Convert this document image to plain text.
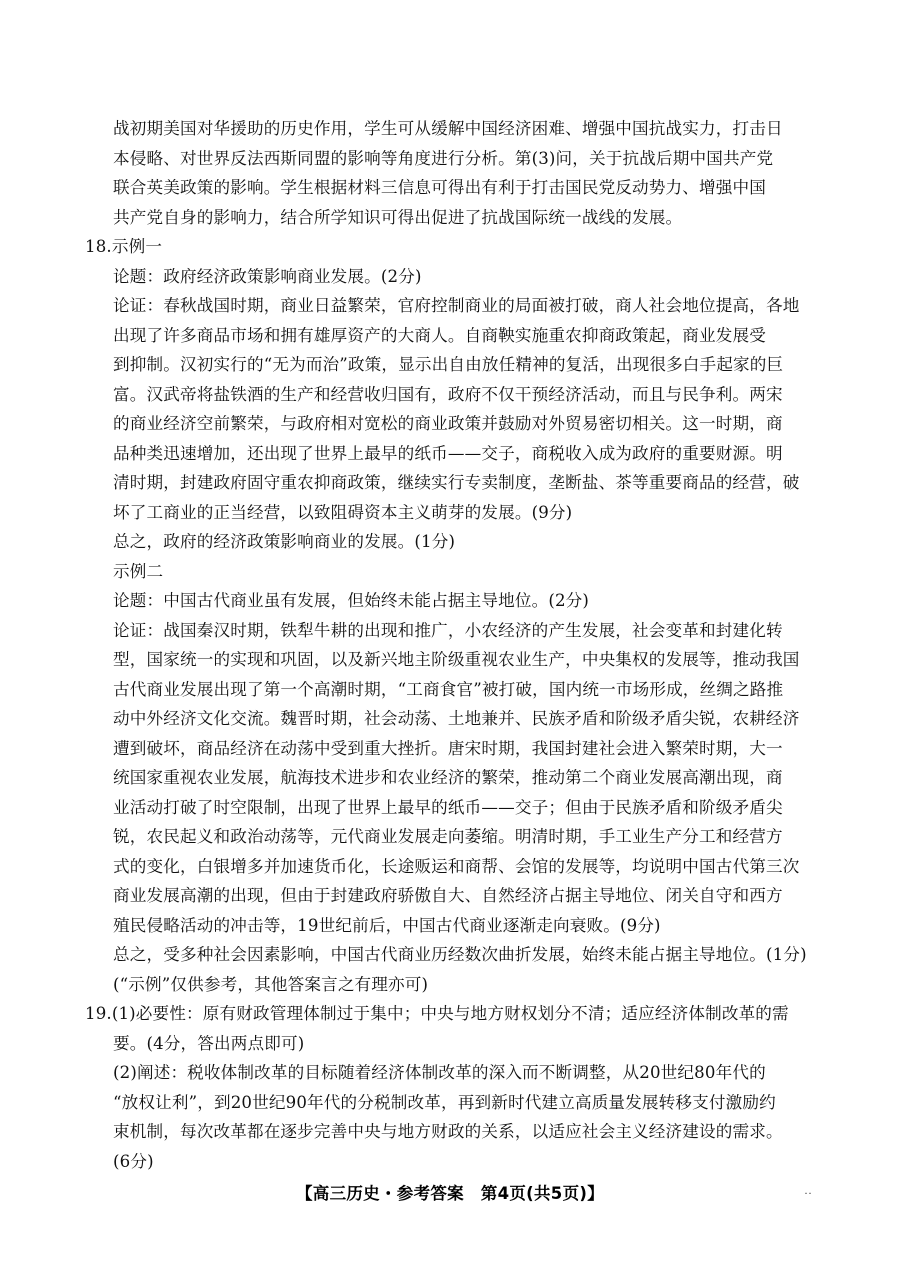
战初期美国对华援助的历史作用，学生可从缓解中国经济困难、增强中国抗战实力，打击日
本侵略、对世界反法西斯同盟的影响等角度进行分析。第(3)问，关于抗战后期中国共产党
联合英美政策的影响。学生根据材料三信息可得出有利于打击国民党反动势力、增强中国
共产党自身的影响力，结合所学知识可得出促进了抗战国际统一战线的发展。
18.示例一
论题：政府经济政策影响商业发展。(2分)
论证：春秋战国时期，商业日益繁荣，官府控制商业的局面被打破，商人社会地位提高，各地
出现了许多商品市场和拥有雄厚资产的大商人。自商鞅实施重农抑商政策起，商业发展受
到抑制。汉初实行的“无为而治”政策，显示出自由放任精神的复活，出现很多白手起家的巨
富。汉武帝将盐铁酒的生产和经营收归国有，政府不仅干预经济活动，而且与民争利。两宋
的商业经济空前繁荣，与政府相对宽松的商业政策并鼓励对外贸易密切相关。这一时期，商
品种类迅速增加，还出现了世界上最早的纸币——交子，商税收入成为政府的重要财源。明
清时期，封建政府固守重农抑商政策，继续实行专卖制度，垄断盐、茶等重要商品的经营，破
坏了工商业的正当经营，以致阻碍资本主义萌芽的发展。(9分)
总之，政府的经济政策影响商业的发展。(1分)
示例二
论题：中国古代商业虽有发展，但始终未能占据主导地位。(2分)
论证：战国秦汉时期，铁犁牛耕的出现和推广，小农经济的产生发展，社会变革和封建化转
型，国家统一的实现和巩固，以及新兴地主阶级重视农业生产，中央集权的发展等，推动我国
古代商业发展出现了第一个高潮时期，“工商食官”被打破，国内统一市场形成，丝绸之路推
动中外经济文化交流。魏晋时期，社会动荡、土地兼并、民族矛盾和阶级矛盾尖锐，农耕经济
遭到破坏，商品经济在动荡中受到重大挫折。唐宋时期，我国封建社会进入繁荣时期，大一
统国家重视农业发展，航海技术进步和农业经济的繁荣，推动第二个商业发展高潮出现，商
业活动打破了时空限制，出现了世界上最早的纸币——交子；但由于民族矛盾和阶级矛盾尖
锐，农民起义和政治动荡等，元代商业发展走向萎缩。明清时期，手工业生产分工和经营方
式的变化，白银增多并加速货币化，长途贩运和商帮、会馆的发展等，均说明中国古代第三次
商业发展高潮的出现，但由于封建政府骄傲自大、自然经济占据主导地位、闭关自守和西方
殖民侵略活动的冲击等，19世纪前后，中国古代商业逐渐走向衰败。(9分)
总之，受多种社会因素影响，中国古代商业历经数次曲折发展，始终未能占据主导地位。(1分)
(“示例”仅供参考，其他答案言之有理亦可)
19.(1)必要性：原有财政管理体制过于集中；中央与地方财权划分不清；适应经济体制改革的需
要。(4分，答出两点即可)
(2)阐述：税收体制改革的目标随着经济体制改革的深入而不断调整，从20世纪80年代的
“放权让利”，到20世纪90年代的分税制改革，再到新时代建立高质量发展转移支付激励约
束机制，每次改革都在逐步完善中央与地方财政的关系，以适应社会主义经济建设的需求。
(6分)
【高三历史・参考答案　第4页(共5页)】	··
